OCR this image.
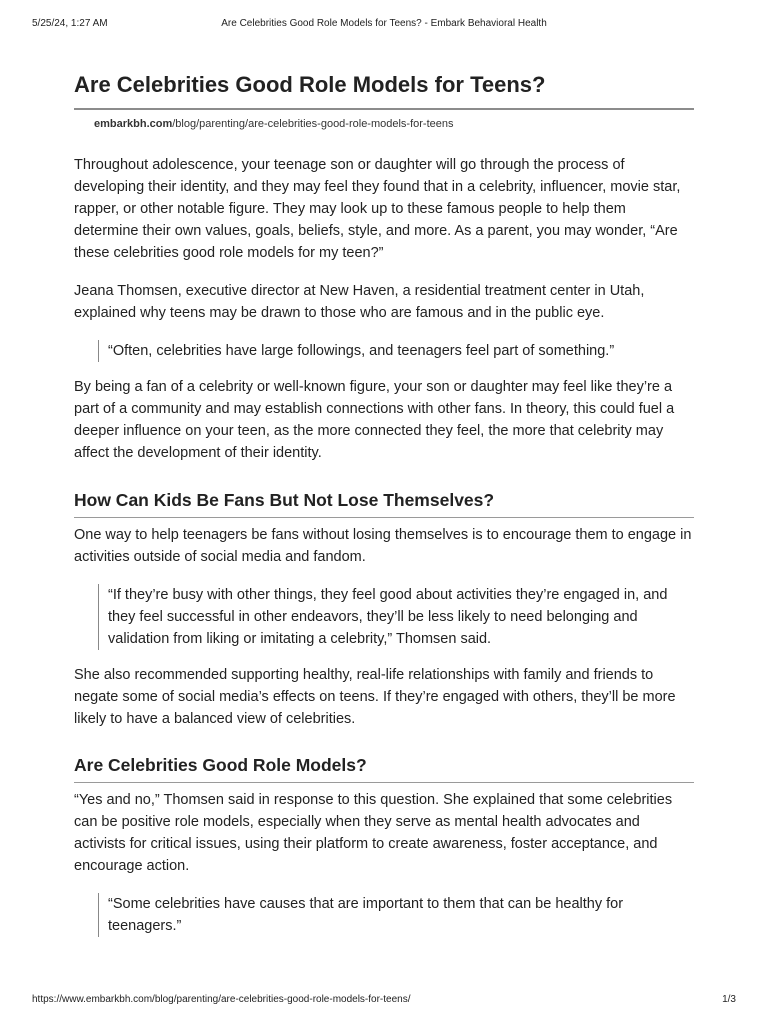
5/25/24, 1:27 AM	Are Celebrities Good Role Models for Teens? - Embark Behavioral Health
Are Celebrities Good Role Models for Teens?
embarkbh.com/blog/parenting/are-celebrities-good-role-models-for-teens

Throughout adolescence, your teenage son or daughter will go through the process of developing their identity, and they may feel they found that in a celebrity, influencer, movie star, rapper, or other notable figure. They may look up to these famous people to help them determine their own values, goals, beliefs, style, and more. As a parent, you may wonder, “Are these celebrities good role models for my teen?”

Jeana Thomsen, executive director at New Haven, a residential treatment center in Utah, explained why teens may be drawn to those who are famous and in the public eye.

“Often, celebrities have large followings, and teenagers feel part of something.”

By being a fan of a celebrity or well-known figure, your son or daughter may feel like they’re a part of a community and may establish connections with other fans. In theory, this could fuel a deeper influence on your teen, as the more connected they feel, the more that celebrity may affect the development of their identity.

How Can Kids Be Fans But Not Lose Themselves?

One way to help teenagers be fans without losing themselves is to encourage them to engage in activities outside of social media and fandom.

“If they’re busy with other things, they feel good about activities they’re engaged in, and they feel successful in other endeavors, they’ll be less likely to need belonging and validation from liking or imitating a celebrity,” Thomsen said.

She also recommended supporting healthy, real-life relationships with family and friends to negate some of social media’s effects on teens. If they’re engaged with others, they’ll be more likely to have a balanced view of celebrities.

Are Celebrities Good Role Models?

“Yes and no,” Thomsen said in response to this question. She explained that some celebrities can be positive role models, especially when they serve as mental health advocates and activists for critical issues, using their platform to create awareness, foster acceptance, and encourage action.

“Some celebrities have causes that are important to them that can be healthy for teenagers.”
https://www.embarkbh.com/blog/parenting/are-celebrities-good-role-models-for-teens/	1/3
